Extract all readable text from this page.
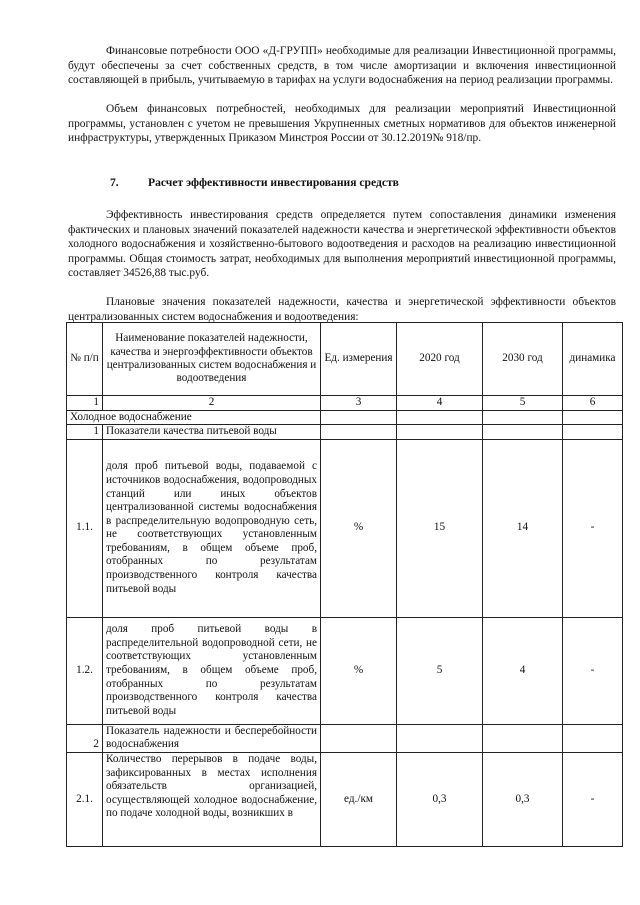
Финансовые потребности ООО «Д-ГРУПП» необходимые для реализации Инвестиционной программы, будут обеспечены за счет собственных средств, в том числе амортизации и включения инвестиционной составляющей в прибыль, учитываемую в тарифах на услуги водоснабжения на период реализации программы.

Объем финансовых потребностей, необходимых для реализации мероприятий Инвестиционной программы, установлен с учетом не превышения Укрупненных сметных нормативов для объектов инженерной инфраструктуры, утвержденных Приказом Минстроя России от 30.12.2019№ 918/пр.

7.	Расчет эффективности инвестирования средств

Эффективность инвестирования средств определяется путем сопоставления динамики изменения фактических и плановых значений показателей надежности качества и энергетической эффективности объектов холодного водоснабжения и хозяйственно-бытового водоотведения и расходов на реализацию инвестиционной программы. Общая стоимость затрат, необходимых для выполнения мероприятий инвестиционной программы, составляет 34526,88 тыс.руб.

Плановые значения показателей надежности, качества и энергетической эффективности объектов централизованных систем водоснабжения и водоотведения:

№ п/п	Наименование показателей надежности, качества и энергоэффективности объектов централизованных систем водоснабжения и водоотведения	Ед. измерения	2020 год	2030 год	динамика
1	2	3	4	5	6
Холодное водоснабжение					
1	Показатели качества питьевой воды				
1.1.	доля проб питьевой воды, подаваемой с источников водоснабжения, водопроводных станций или иных объектов централизованной системы водоснабжения в распределительную водопроводную сеть, не соответствующих установленным требованиям, в общем объеме проб, отобранных по результатам производственного контроля качества питьевой воды	%	15	14	-
1.2.	доля проб питьевой воды в распределительной водопроводной сети, не соответствующих установленным требованиям, в общем объеме проб, отобранных по результатам производственного контроля качества питьевой воды	%	5	4	-
2	Показатель надежности и бесперебойности водоснабжения				
2.1.	Количество перерывов в подаче воды, зафиксированных в местах исполнения обязательств организацией, осуществляющей холодное водоснабжение, по подаче холодной воды, возникших в	ед./км	0,3	0,3	-
